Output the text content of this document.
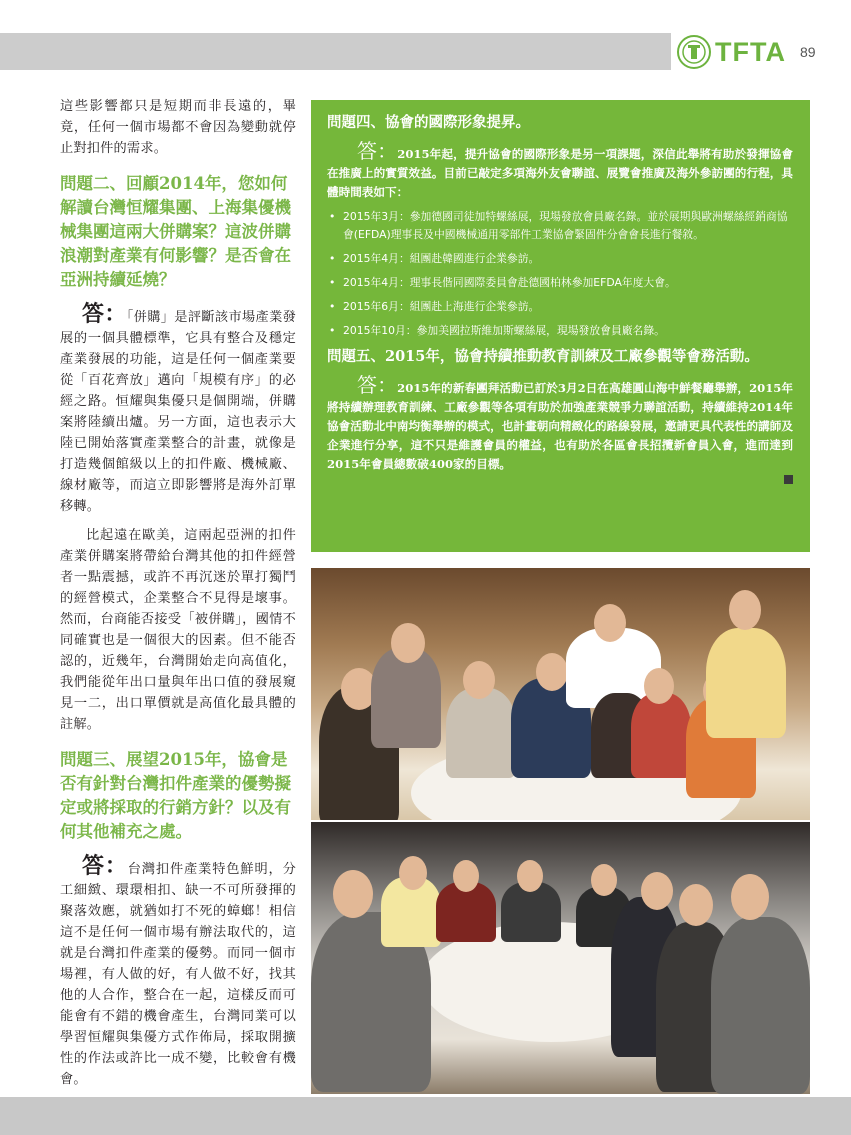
TFTA 89

這些影響都只是短期而非長遠的，畢竟，任何一個市場都不會因為變動就停止對扣件的需求。

問題二、回顧2014年，您如何解讀台灣恒耀集團、上海集優機械集團這兩大併購案？這波併購浪潮對產業有何影響？是否會在亞洲持續延燒？

答：「併購」是評斷該市場產業發展的一個具體標準，它具有整合及穩定產業發展的功能，這是任何一個產業要從「百花齊放」邁向「規模有序」的必經之路。恒耀與集優只是個開端，併購案將陸續出爐。另一方面，這也表示大陸已開始落實產業整合的計畫，就像是打造幾個館級以上的扣件廠、機械廠、線材廠等，而這立即影響將是海外訂單移轉。

比起遠在歐美，這兩起亞洲的扣件產業併購案將帶給台灣其他的扣件經營者一點震撼，或許不再沉迷於單打獨鬥的經營模式，企業整合不見得是壞事。然而，台商能否接受「被併購」，國情不同確實也是一個很大的因素。但不能否認的，近幾年，台灣開始走向高值化，我們能從年出口量與年出口值的發展窺見一二，出口單價就是高值化最具體的註解。

問題三、展望2015年，協會是否有針對台灣扣件產業的優勢擬定或將採取的行銷方針？以及有何其他補充之處。

答：台灣扣件產業特色鮮明，分工細緻、環環相扣、缺一不可所發揮的聚落效應，就猶如打不死的蟑螂！相信這不是任何一個市場有辦法取代的，這就是台灣扣件產業的優勢。而同一個市場裡，有人做的好，有人做不好，找其他的人合作，整合在一起，這樣反而可能會有不錯的機會產生，台灣同業可以學習恒耀與集優方式作佈局，採取開擴性的作法或許比一成不變，比較會有機會。

問題四、協會的國際形象提昇。

答：2015年起，提升協會的國際形象是另一項課題，深信此舉將有助於發揮協會在推廣上的實質效益。目前已敲定多項海外友會聯誼、展覽會推廣及海外參訪團的行程，具體時間表如下：

• 2015年3月：參加德國司徒加特螺絲展，現場發放會員廠名錄。並於展期與歐洲螺絲經銷商協會(EFDA)理事長及中國機械通用零部件工業協會緊固件分會會長進行餐敘。
• 2015年4月：組團赴韓國進行企業參訪。
• 2015年4月：理事長偕同國際委員會赴德國柏林參加EFDA年度大會。
• 2015年6月：組團赴上海進行企業參訪。
• 2015年10月：參加美國拉斯維加斯螺絲展，現場發放會員廠名錄。

問題五、2015年，協會持續推動教育訓練及工廠參觀等會務活動。

答：2015年的新春團拜活動已訂於3月2日在高雄圓山海中鮮餐廳舉辦，2015年將持續辦理教育訓練、工廠參觀等各項有助於加強產業競爭力聯誼活動，持續維持2014年協會活動北中南均衡舉辦的模式，也計畫朝向精緻化的路線發展，邀請更具代表性的講師及企業進行分享，這不只是維護會員的權益，也有助於各區會長招攬新會員入會，進而達到2015年會員總數破400家的目標。
